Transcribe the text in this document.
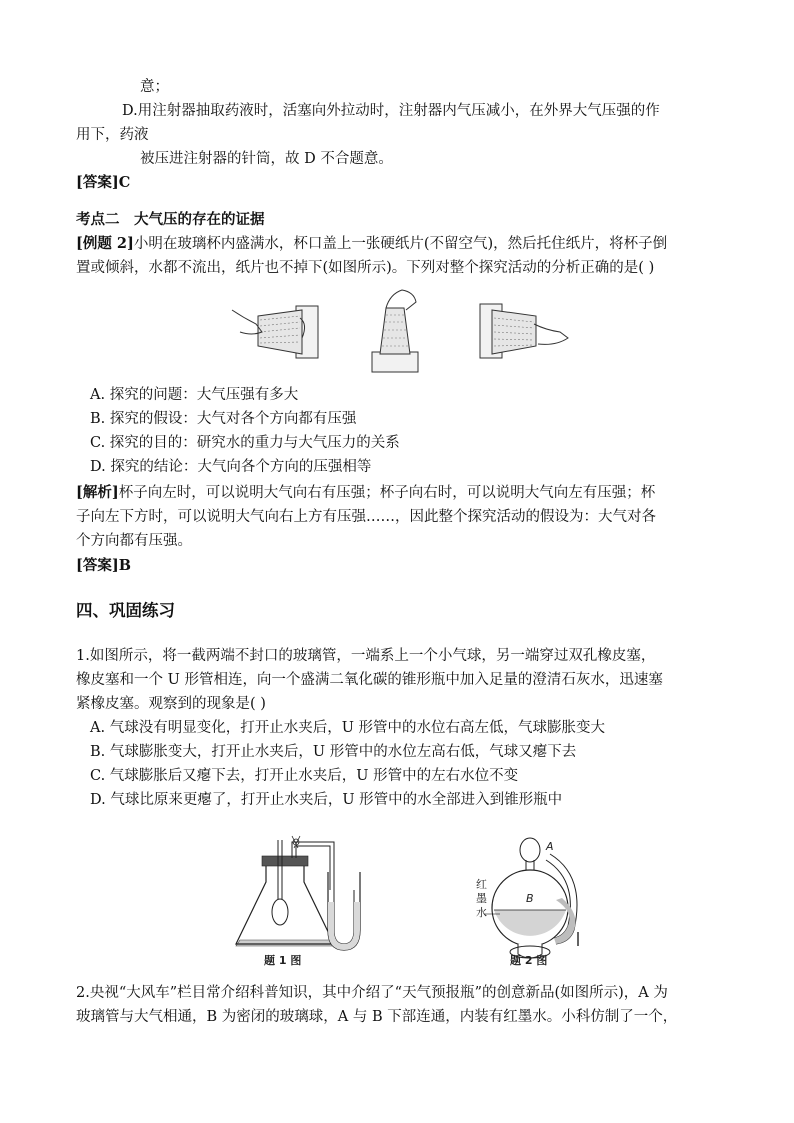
意；
D.用注射器抽取药液时，活塞向外拉动时，注射器内气压减小，在外界大气压强的作
用下，药液
被压进注射器的针筒，故 D 不合题意。
[答案]C
考点二　大气压的存在的证据
[例题 2]小明在玻璃杯内盛满水，杯口盖上一张硬纸片(不留空气)，然后托住纸片，将杯子倒
置或倾斜，水都不流出，纸片也不掉下(如图所示)。下列对整个探究活动的分析正确的是( )
A. 探究的问题：大气压强有多大
B. 探究的假设：大气对各个方向都有压强
C. 探究的目的：研究水的重力与大气压力的关系
D. 探究的结论：大气向各个方向的压强相等
[解析]杯子向左时，可以说明大气向右有压强；杯子向右时，可以说明大气向左有压强；杯
子向左下方时，可以说明大气向右上方有压强……，因此整个探究活动的假设为：大气对各
个方向都有压强。
[答案]B
四、巩固练习
1.如图所示，将一截两端不封口的玻璃管，一端系上一个小气球，另一端穿过双孔橡皮塞，
橡皮塞和一个 U 形管相连，向一个盛满二氧化碳的锥形瓶中加入足量的澄清石灰水，迅速塞
紧橡皮塞。观察到的现象是( )
A. 气球没有明显变化，打开止水夹后，U 形管中的水位右高左低，气球膨胀变大
B. 气球膨胀变大，打开止水夹后，U 形管中的水位左高右低，气球又瘪下去
C. 气球膨胀后又瘪下去，打开止水夹后，U 形管中的左右水位不变
D. 气球比原来更瘪了，打开止水夹后，U 形管中的水全部进入到锥形瓶中
题 1 图
A
B
红
墨
水
题 2 图
2.央视“大风车”栏目常介绍科普知识，其中介绍了“天气预报瓶”的创意新品(如图所示)，A 为
玻璃管与大气相通，B 为密闭的玻璃球，A 与 B 下部连通，内装有红墨水。小科仿制了一个，
